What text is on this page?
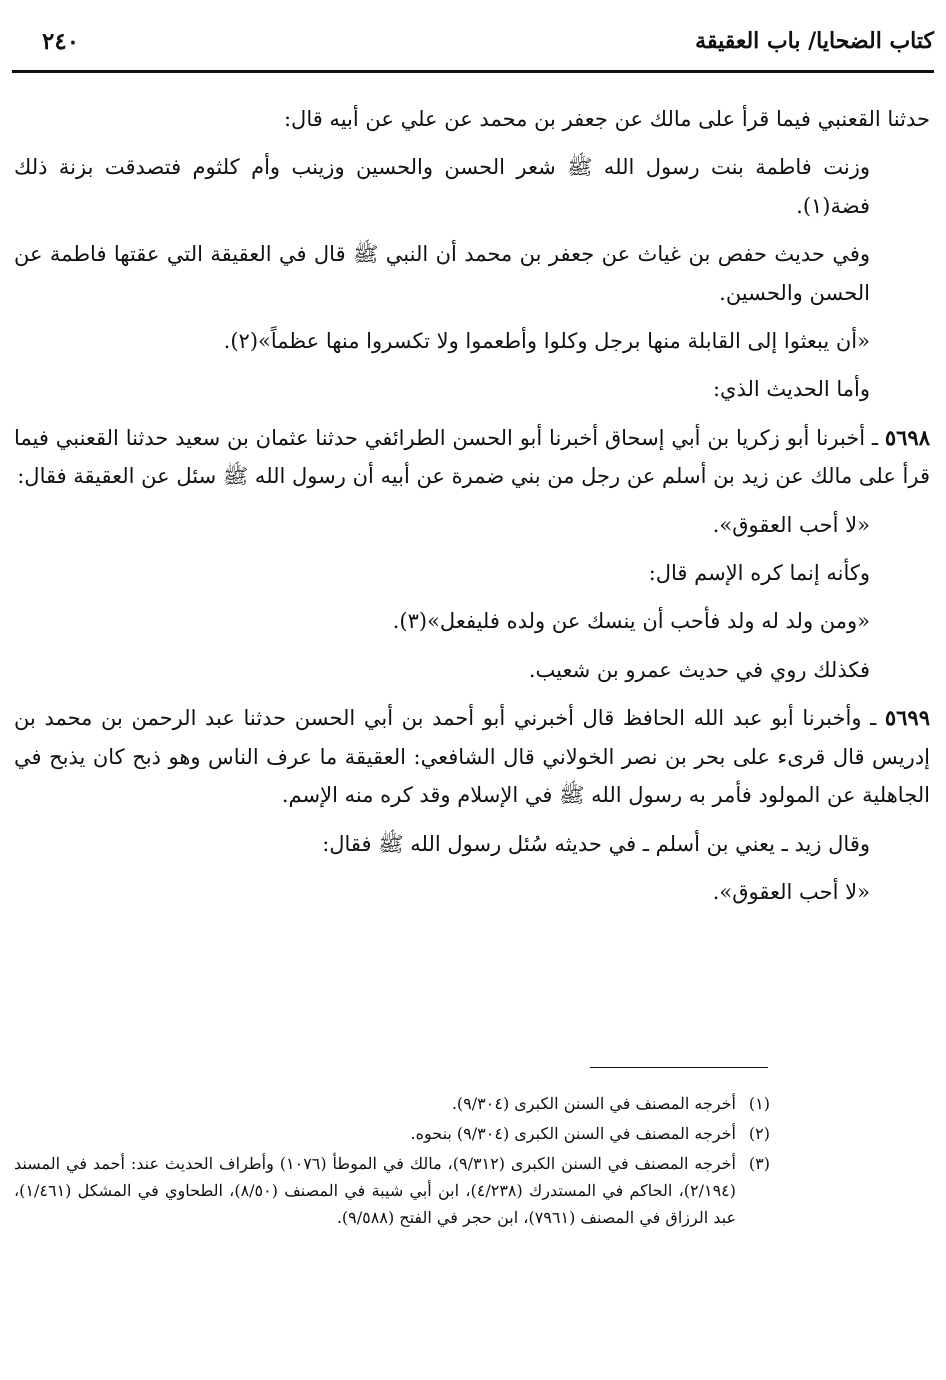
كتاب الضحايا/ باب العقيقة
٢٤٠

حدثنا القعنبي فيما قرأ على مالك عن جعفر بن محمد عن علي عن أبيه قال:

وزنت فاطمة بنت رسول الله ﷺ شعر الحسن والحسين وزينب وأم كلثوم فتصدقت بزنة ذلك فضة(١).

وفي حديث حفص بن غياث عن جعفر بن محمد أن النبي ﷺ قال في العقيقة التي عقتها فاطمة عن الحسن والحسين.

«أن يبعثوا إلى القابلة منها برجل وكلوا وأطعموا ولا تكسروا منها عظماً»(٢).

وأما الحديث الذي:

٥٦٩٨ ـ أخبرنا أبو زكريا بن أبي إسحاق أخبرنا أبو الحسن الطرائفي حدثنا عثمان بن سعيد حدثنا القعنبي فيما قرأ على مالك عن زيد بن أسلم عن رجل من بني ضمرة عن أبيه أن رسول الله ﷺ سئل عن العقيقة فقال:

«لا أحب العقوق».

وكأنه إنما كره الإسم قال:

«ومن ولد له ولد فأحب أن ينسك عن ولده فليفعل»(٣).

فكذلك روي في حديث عمرو بن شعيب.

٥٦٩٩ ـ وأخبرنا أبو عبد الله الحافظ قال أخبرني أبو أحمد بن أبي الحسن حدثنا عبد الرحمن بن محمد بن إدريس قال قرىء على بحر بن نصر الخولاني قال الشافعي: العقيقة ما عرف الناس وهو ذبح كان يذبح في الجاهلية عن المولود فأمر به رسول الله ﷺ في الإسلام وقد كره منه الإسم.

وقال زيد ـ يعني بن أسلم ـ في حديثه سُئل رسول الله ﷺ فقال:

«لا أحب العقوق».

(١)
أخرجه المصنف في السنن الكبرى (٩/٣٠٤).
(٢)
أخرجه المصنف في السنن الكبرى (٩/٣٠٤) بنحوه.
(٣)
أخرجه المصنف في السنن الكبرى (٩/٣١٢)، مالك في الموطأ (١٠٧٦) وأطراف الحديث عند: أحمد في المسند (٢/١٩٤)، الحاكم في المستدرك (٤/٢٣٨)، ابن أبي شيبة في المصنف (٨/٥٠)، الطحاوي في المشكل (١/٤٦١)، عبد الرزاق في المصنف (٧٩٦١)، ابن حجر في الفتح (٩/٥٨٨).
